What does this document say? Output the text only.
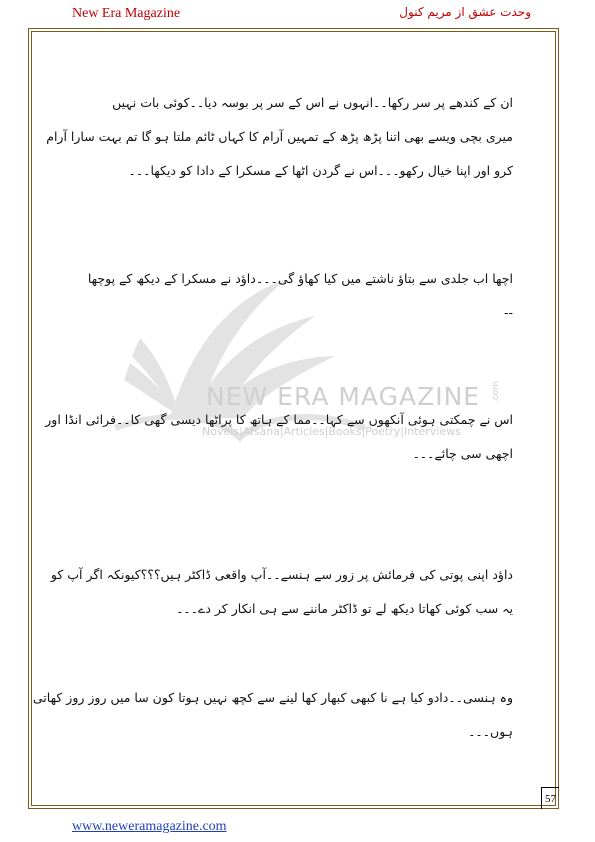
New Era Magazine	وحدت عشق از مریم کنول
NEW ERA MAGAZINE
Novels|Afsana|Articles|Books|Poetry|Interviews
.com
ان کے کندھے پر سر رکھا۔۔انہوں نے اس کے سر پر بوسہ دیا۔۔کوئی بات نہیں
میری بچی ویسے بھی اتنا پڑھ پڑھ کے تمہیں آرام کا کہاں ٹائم ملتا ہو گا تم بہت سارا آرام
کرو اور اپنا خیال رکھو۔۔۔اس نے گردن اٹھا کے مسکرا کے دادا کو دیکھا۔۔۔
اچھا اب جلدی سے بتاؤ ناشتے میں کیا کھاؤ گی۔۔۔داؤد نے مسکرا کے دیکھ کے پوچھا
--
اس نے چمکتی ہوئی آنکھوں سے کہا۔۔مما کے ہاتھ کا پراٹھا دیسی گھی کا۔۔فرائی انڈا اور
اچھی سی چائے۔۔۔
داؤد اپنی پوتی کی فرمائش پر زور سے ہنسے۔۔آپ واقعی ڈاکٹر ہیں؟؟؟کیونکہ اگر آپ کو
یہ سب کوئی کھاتا دیکھ لے تو ڈاکٹر ماننے سے ہی انکار کر دے۔۔۔
وہ ہنسی۔۔دادو کیا ہے نا کبھی کبھار کھا لینے سے کچھ نہیں ہوتا کون سا میں روز روز کھاتی
ہوں۔۔۔
57
www.neweramagazine.com
